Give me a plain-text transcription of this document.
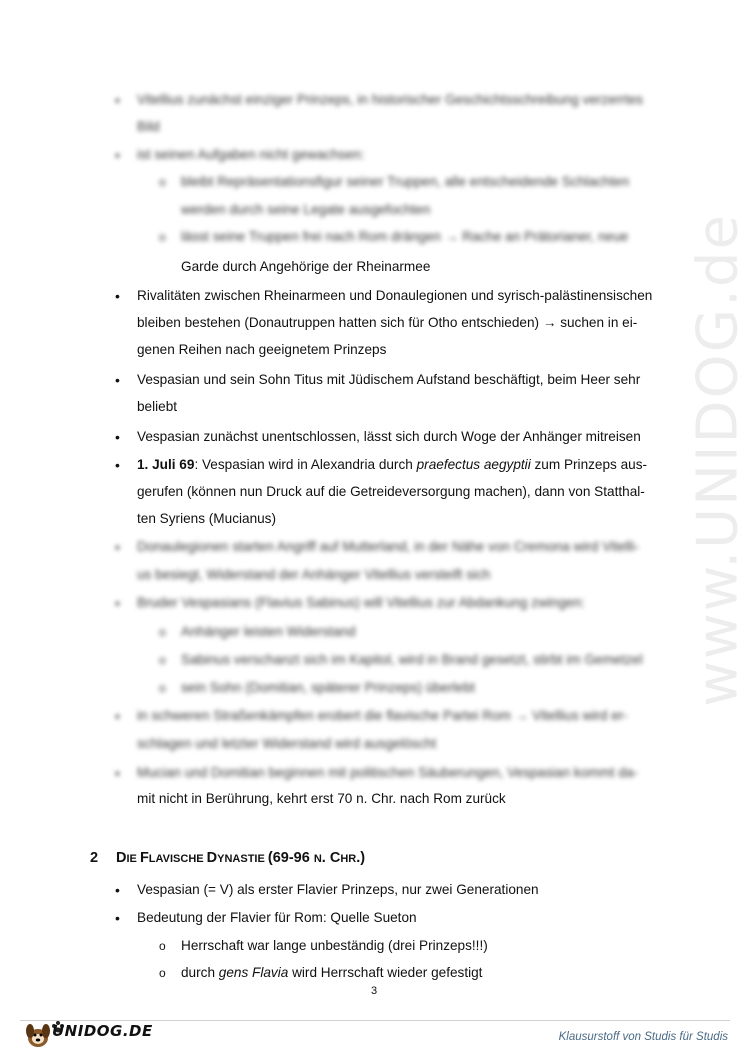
www.UNIDOG.de
• Vitellius zunächst einziger Prinzeps, in historischer Geschichtsschreibung verzerrtes
Bild
• ist seinen Aufgaben nicht gewachsen:
o bleibt Repräsentationsfigur seiner Truppen, alle entscheidende Schlachten
werden durch seine Legate ausgefochten
o lässt seine Truppen frei nach Rom drängen → Rache an Prätorianer, neue
Garde durch Angehörige der Rheinarmee
• Rivalitäten zwischen Rheinarmeen und Donaulegionen und syrisch-palästinensischen
bleiben bestehen (Donautruppen hatten sich für Otho entschieden) → suchen in ei-
genen Reihen nach geeignetem Prinzeps
• Vespasian und sein Sohn Titus mit Jüdischem Aufstand beschäftigt, beim Heer sehr
beliebt
• Vespasian zunächst unentschlossen, lässt sich durch Woge der Anhänger mitreisen
• 1. Juli 69: Vespasian wird in Alexandria durch praefectus aegyptii zum Prinzeps aus-
gerufen (können nun Druck auf die Getreideversorgung machen), dann von Statthal-
ten Syriens (Mucianus)
• Donaulegionen starten Angriff auf Mutterland, in der Nähe von Cremona wird Vitelli-
us besiegt, Widerstand der Anhänger Vitellius versteift sich
• Bruder Vespasians (Flavius Sabinus) will Vitellius zur Abdankung zwingen:
o Anhänger leisten Widerstand
o Sabinus verschanzt sich im Kapitol, wird in Brand gesetzt, stirbt im Gemetzel
o sein Sohn (Domitian, späterer Prinzeps) überlebt
• in schweren Straßenkämpfen erobert die flavische Partei Rom → Vitellius wird er-
schlagen und letzter Widerstand wird ausgelöscht
• Mucian und Domitian beginnen mit politischen Säuberungen, Vespasian kommt da-
mit nicht in Berührung, kehrt erst 70 n. Chr. nach Rom zurück
2 DIE FLAVISCHE DYNASTIE (69-96 N. CHR.)
• Vespasian (= V) als erster Flavier Prinzeps, nur zwei Generationen
• Bedeutung der Flavier für Rom: Quelle Sueton
o Herrschaft war lange unbeständig (drei Prinzeps!!!)
o durch gens Flavia wird Herrschaft wieder gefestigt
3
UNIDOG.DE	Klausurstoff von Studis für Studis
